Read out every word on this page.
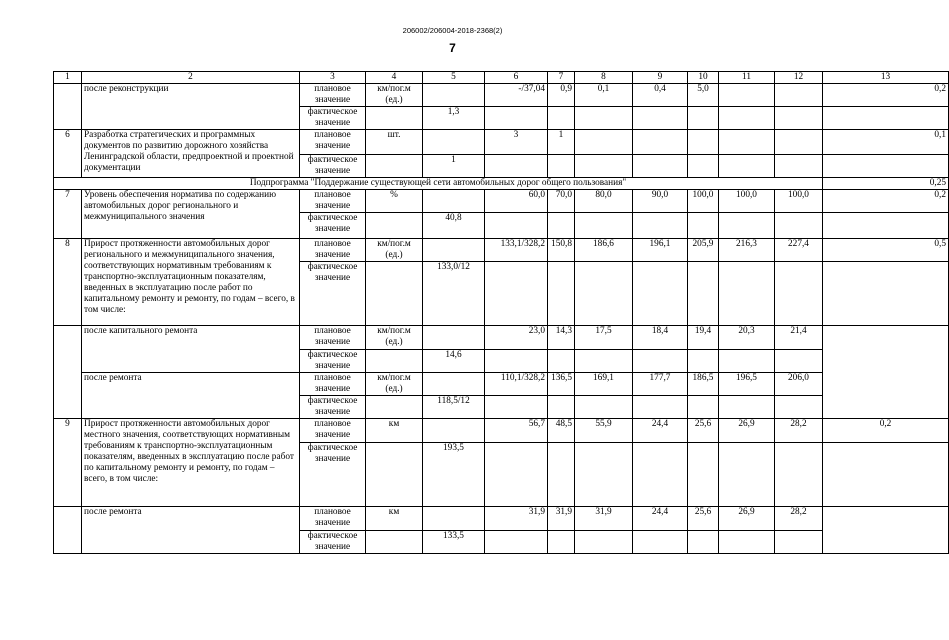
206002/206004-2018-2368(2)
7
1	2	3	4	5	6	7	8	9	10	11	12	13
	после реконструкции	плановое значение	км/пог.м (ед.)		-/37,04	0,9	0,1	0,4	5,0			0,2
		фактическое значение		1,3								
6	Разработка стратегических и программных документов по развитию дорожного хозяйства Ленинградской области, предпроектной и проектной документации	плановое значение	шт.		3	1						0,1
		фактическое значение		1								
Подпрограмма "Поддержание существующей сети автомобильных дорог общего пользования"												0,25
7	Уровень обеспечения норматива по содержанию автомобильных дорог регионального и межмуниципального значения	плановое значение	%		60,0	70,0	80,0	90,0	100,0	100,0	100,0	0,2
		фактическое значение		40,8								
8	Прирост протяженности автомобильных дорог регионального и межмуниципального значения, соответствующих нормативным требованиям к транспортно-эксплуатационным показателям, введенных в эксплуатацию после работ по капитальному ремонту и ремонту, по годам – всего, в том числе:	плановое значение	км/пог.м (ед.)		133,1/328,2	150,8	186,6	196,1	205,9	216,3	227,4	0,5
		фактическое значение		133,0/12								
	после капитального ремонта	плановое значение	км/пог.м (ед.)		23,0	14,3	17,5	18,4	19,4	20,3	21,4	
		фактическое значение		14,6								
	после ремонта	плановое значение	км/пог.м (ед.)		110,1/328,2	136,5	169,1	177,7	186,5	196,5	206,0	
		фактическое значение		118,5/12								
9	Прирост протяженности автомобильных дорог местного значения, соответствующих нормативным требованиям к транспортно-эксплуатационным показателям, введенных в эксплуатацию после работ по капитальному ремонту и ремонту, по годам – всего, в том числе:	плановое значение	км		56,7	48,5	55,9	24,4	25,6	26,9	28,2	0,2
		фактическое значение		193,5								
	после ремонта	плановое значение	км		31,9	31,9	31,9	24,4	25,6	26,9	28,2	
		фактическое значение		133,5								
